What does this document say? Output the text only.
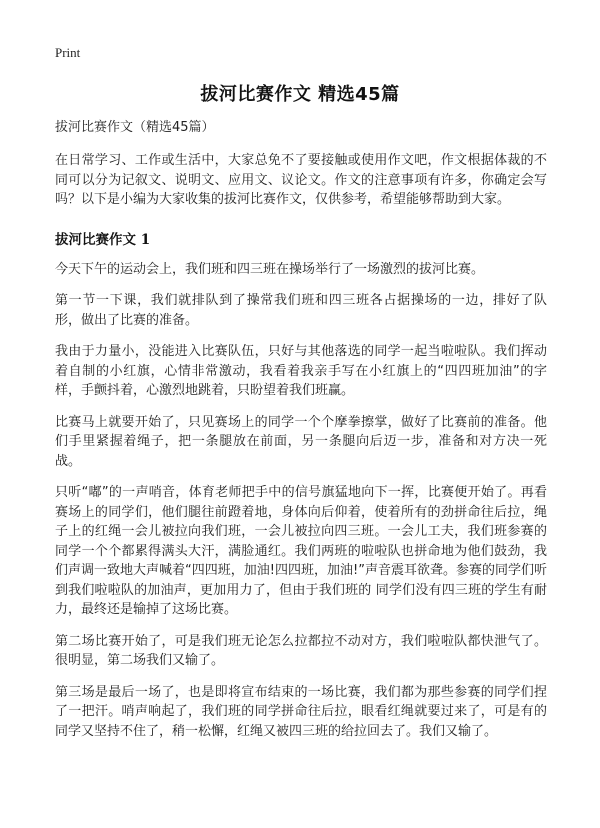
Print
拔河比赛作文 精选45篇
拔河比赛作文（精选45篇）

在日常学习、工作或生活中，大家总免不了要接触或使用作文吧，作文根据体裁的不同可以分为记叙文、说明文、应用文、议论文。作文的注意事项有许多，你确定会写吗？以下是小编为大家收集的拔河比赛作文，仅供参考，希望能够帮助到大家。

拔河比赛作文 1

今天下午的运动会上，我们班和四三班在操场举行了一场激烈的拔河比赛。

第一节一下课，我们就排队到了操常我们班和四三班各占据操场的一边，排好了队形，做出了比赛的准备。

我由于力量小，没能进入比赛队伍，只好与其他落选的同学一起当啦啦队。我们挥动着自制的小红旗，心情非常激动，我看着我亲手写在小红旗上的“四四班加油”的字样，手颤抖着，心激烈地跳着，只盼望着我们班赢。

比赛马上就要开始了，只见赛场上的同学一个个摩拳擦掌，做好了比赛前的准备。他们手里紧握着绳子，把一条腿放在前面，另一条腿向后迈一步，准备和对方决一死战。

只听“嘟”的一声哨音，体育老师把手中的信号旗猛地向下一挥，比赛便开始了。再看赛场上的同学们，他们腿往前蹬着地，身体向后仰着，使着所有的劲拼命往后拉，绳子上的红绳一会儿被拉向我们班，一会儿被拉向四三班。一会儿工夫，我们班参赛的同学一个个都累得满头大汗，满脸通红。我们两班的啦啦队也拼命地为他们鼓劲，我们声调一致地大声喊着“四四班，加油!四四班，加油!”声音震耳欲聋。参赛的同学们听到我们啦啦队的加油声，更加用力了，但由于我们班的 同学们没有四三班的学生有耐力，最终还是输掉了这场比赛。

第二场比赛开始了，可是我们班无论怎么拉都拉不动对方，我们啦啦队都快泄气了。很明显，第二场我们又输了。

第三场是最后一场了，也是即将宣布结束的一场比赛，我们都为那些参赛的同学们捏了一把汗。哨声响起了，我们班的同学拼命往后拉，眼看红绳就要过来了，可是有的同学又坚持不住了，稍一松懈，红绳又被四三班的给拉回去了。我们又输了。
